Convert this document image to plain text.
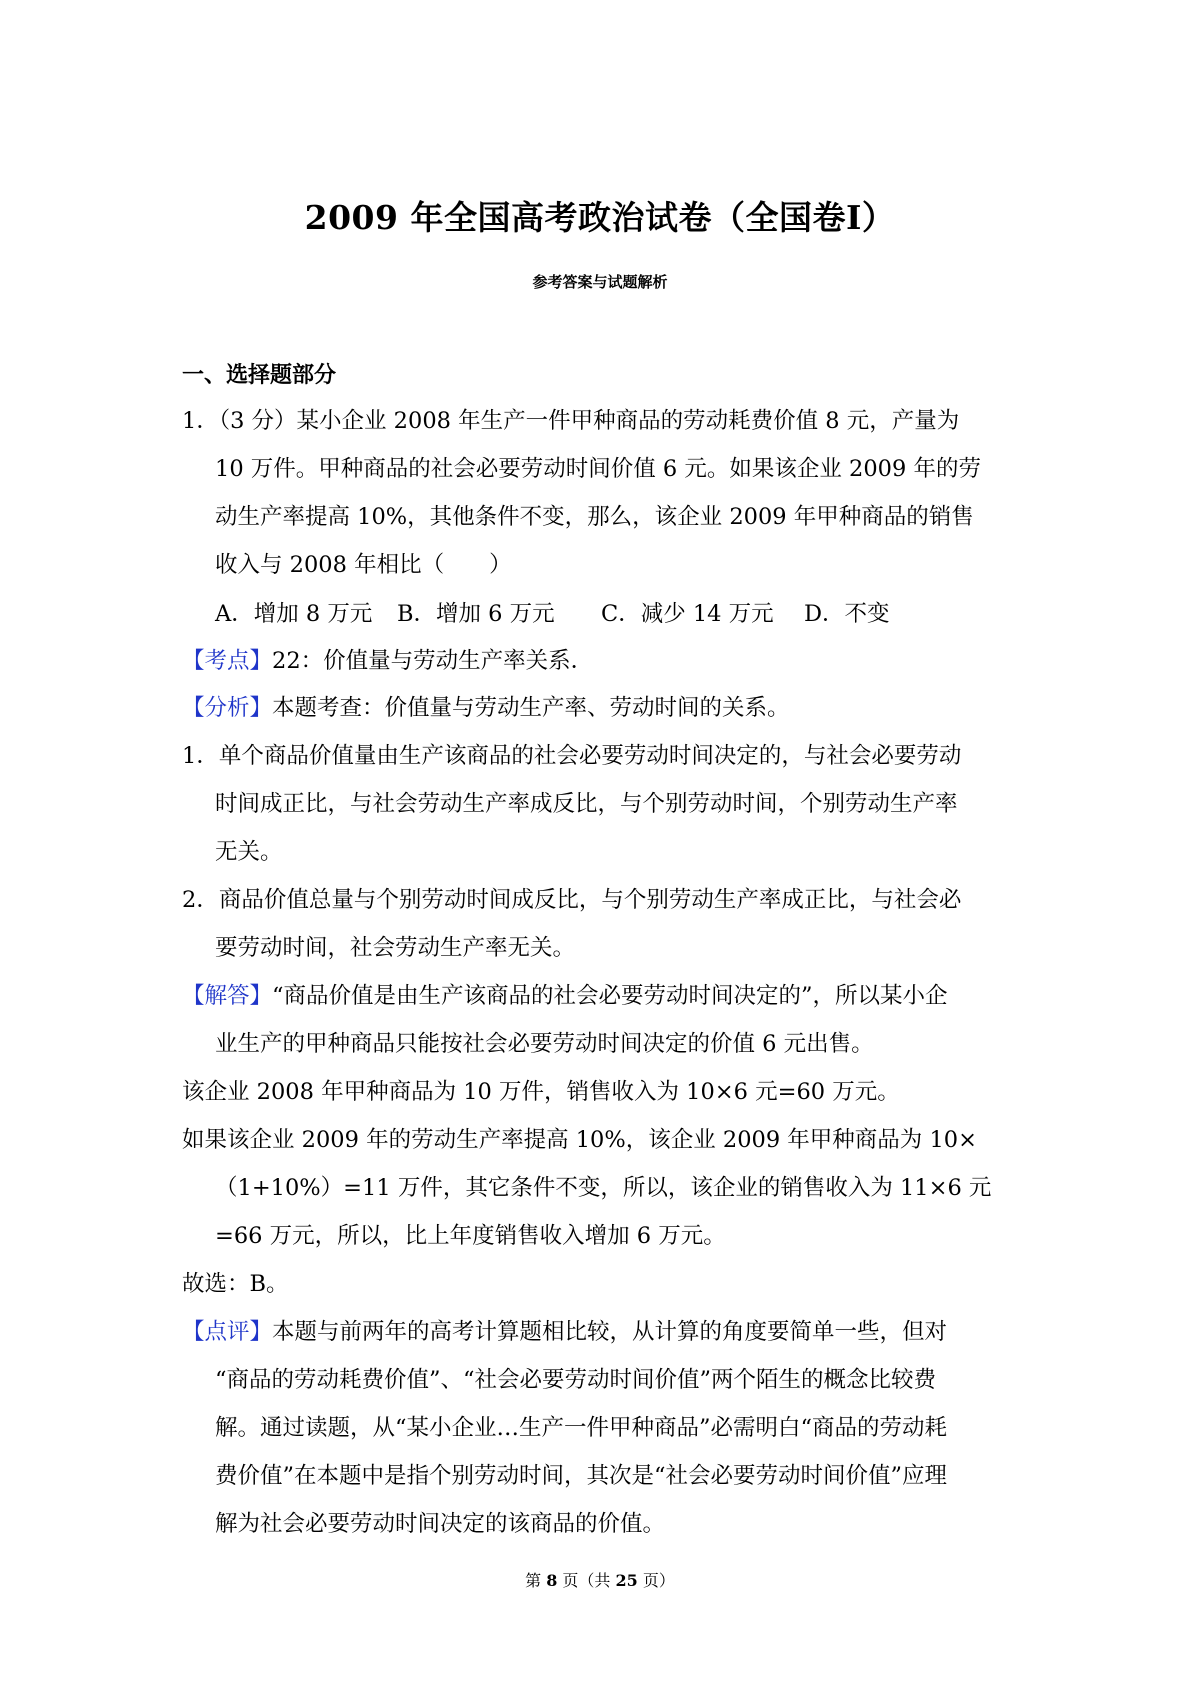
2009 年全国高考政治试卷（全国卷I）
参考答案与试题解析
一、选择题部分
1．（3 分）某小企业 2008 年生产一件甲种商品的劳动耗费价值 8 元，产量为
10 万件。甲种商品的社会必要劳动时间价值 6 元。如果该企业 2009 年的劳
动生产率提高 10%，其他条件不变，那么，该企业 2009 年甲种商品的销售
收入与 2008 年相比（　　）
A．增加 8 万元 B．增加 6 万元 C．减少 14 万元 D．不变
【考点】22：价值量与劳动生产率关系．
【分析】本题考查：价值量与劳动生产率、劳动时间的关系。
1．单个商品价值量由生产该商品的社会必要劳动时间决定的，与社会必要劳动
时间成正比，与社会劳动生产率成反比，与个别劳动时间，个别劳动生产率
无关。
2．商品价值总量与个别劳动时间成反比，与个别劳动生产率成正比，与社会必
要劳动时间，社会劳动生产率无关。
【解答】“商品价值是由生产该商品的社会必要劳动时间决定的”，所以某小企
业生产的甲种商品只能按社会必要劳动时间决定的价值 6 元出售。
该企业 2008 年甲种商品为 10 万件，销售收入为 10×6 元=60 万元。
如果该企业 2009 年的劳动生产率提高 10%，该企业 2009 年甲种商品为 10×
（1+10%）=11 万件，其它条件不变，所以，该企业的销售收入为 11×6 元
=66 万元，所以，比上年度销售收入增加 6 万元。
故选：B。
【点评】本题与前两年的高考计算题相比较，从计算的角度要简单一些，但对
“商品的劳动耗费价值”、“社会必要劳动时间价值”两个陌生的概念比较费
解。通过读题，从“某小企业…生产一件甲种商品”必需明白“商品的劳动耗
费价值”在本题中是指个别劳动时间，其次是“社会必要劳动时间价值”应理
解为社会必要劳动时间决定的该商品的价值。
第 8 页（共 25 页）
